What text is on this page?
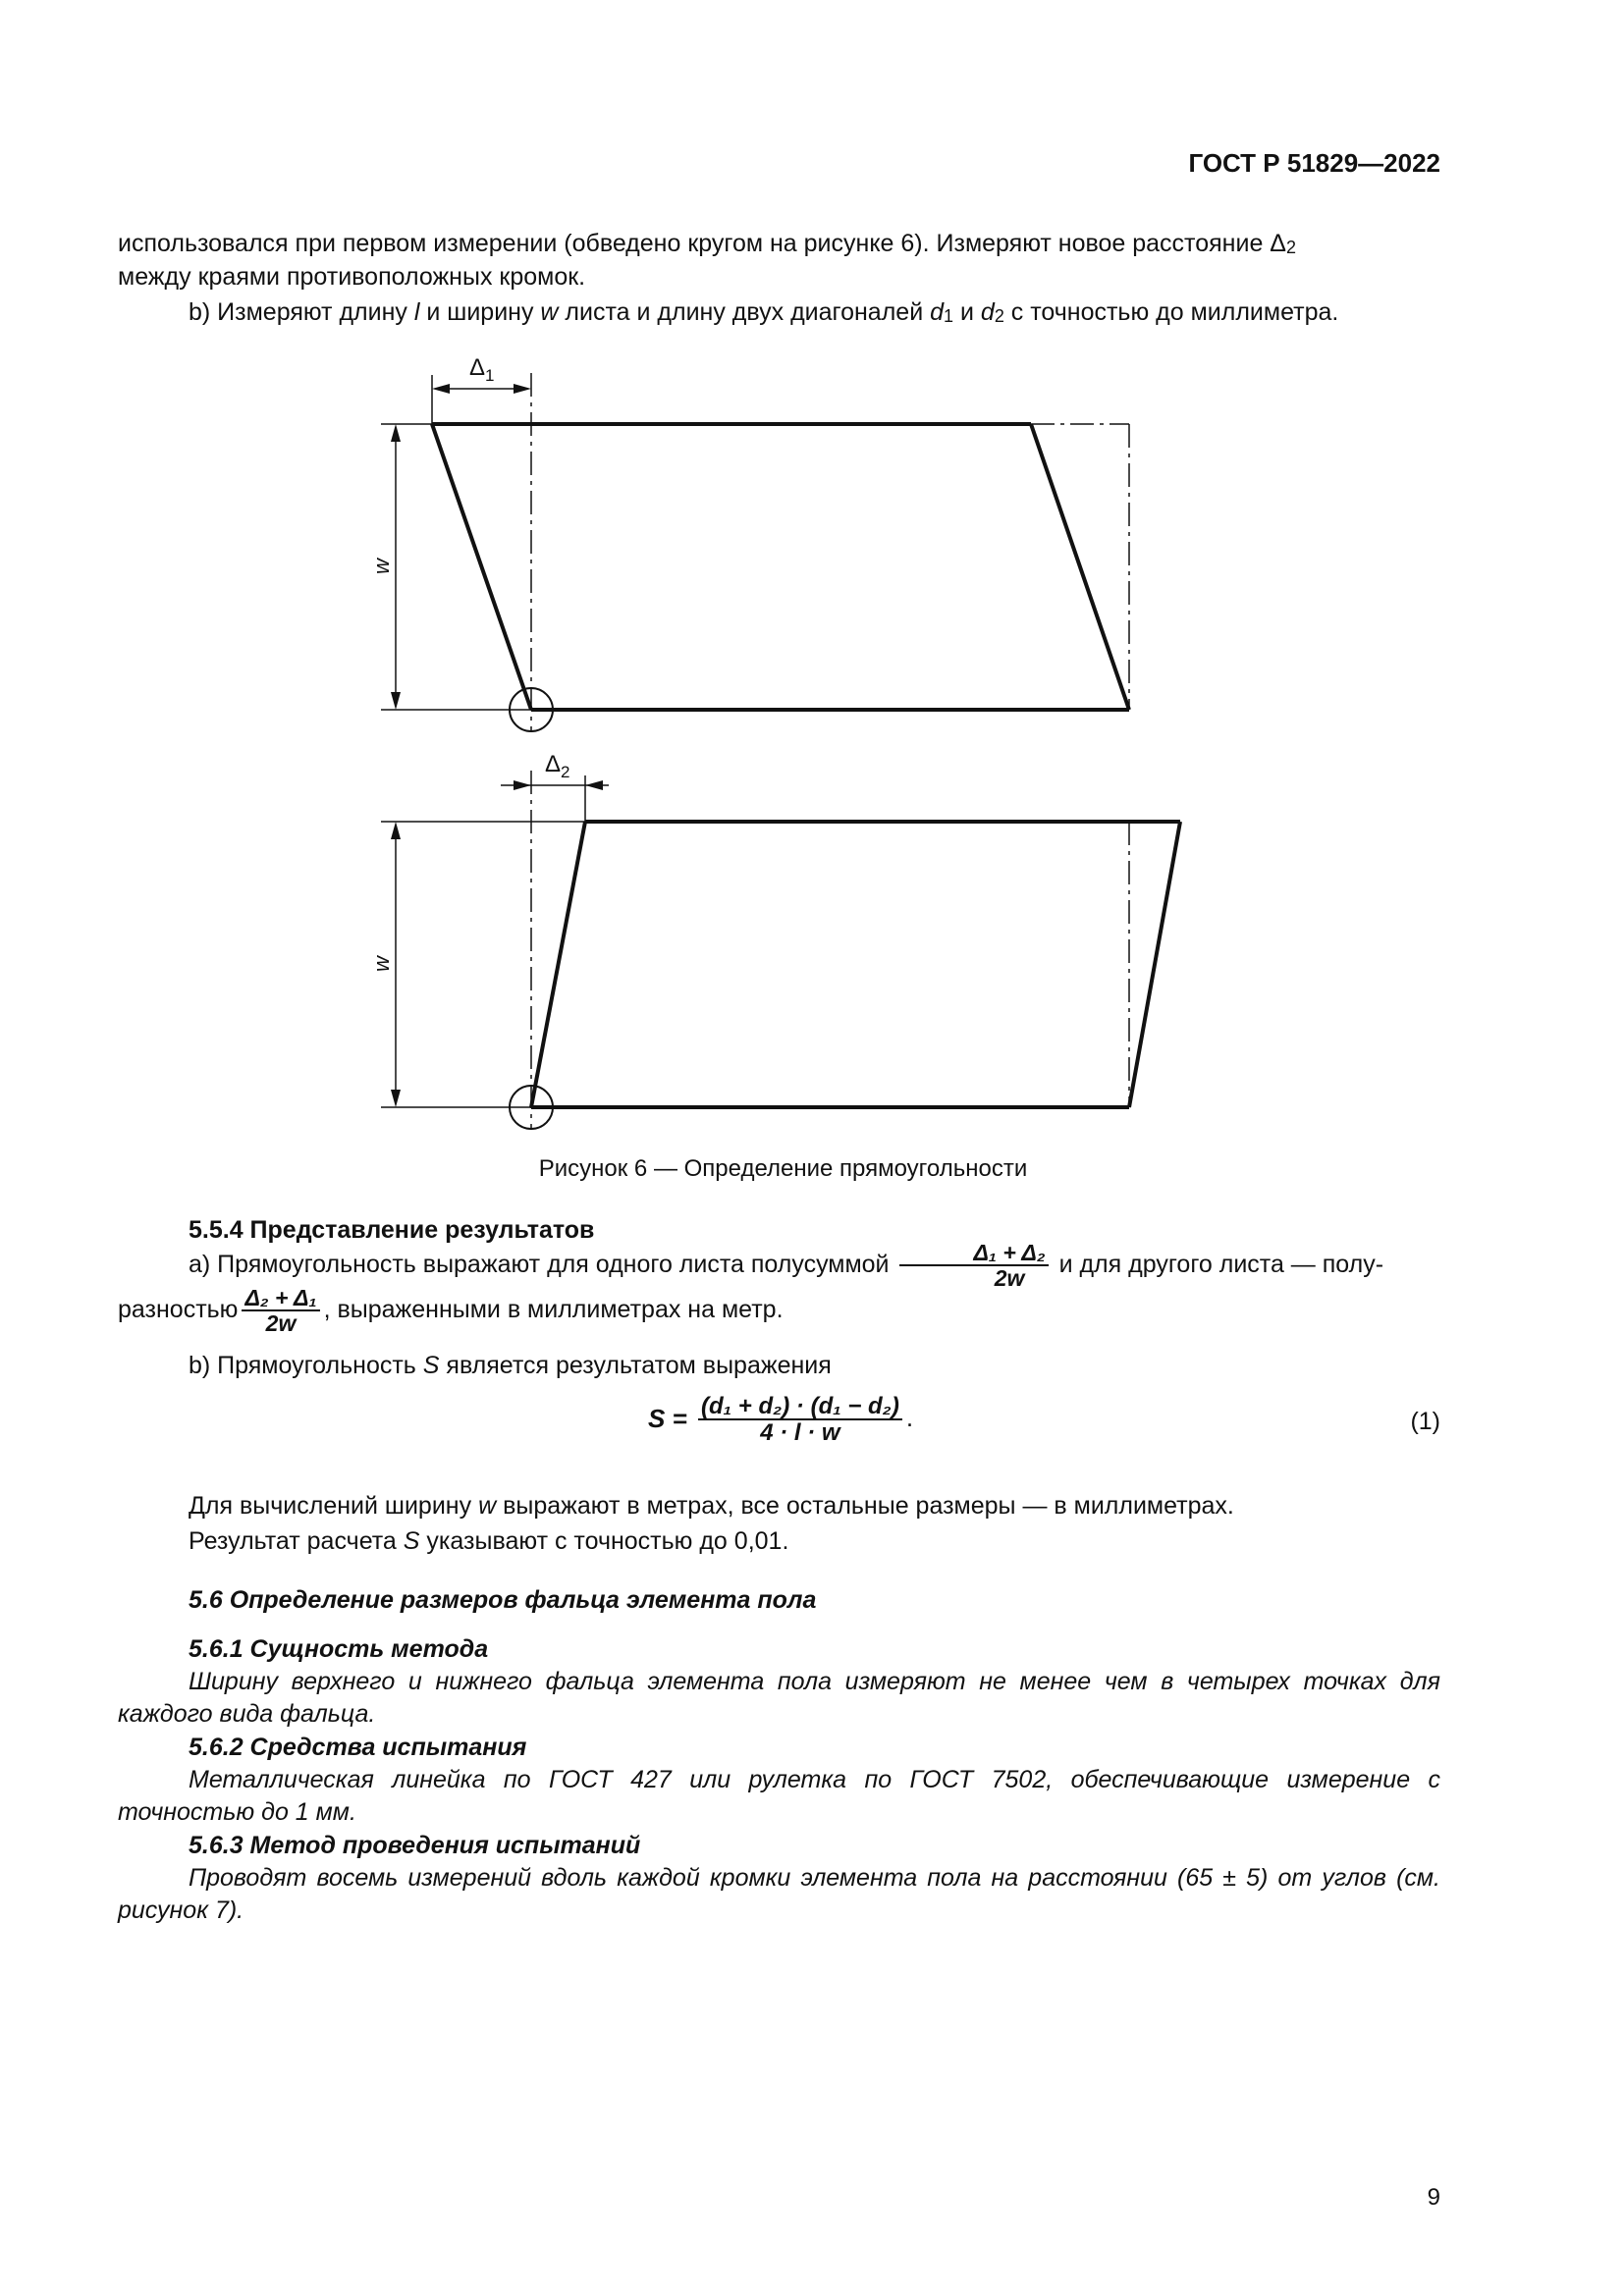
ГОСТ Р 51829—2022
использовался при первом измерении (обведено кругом на рисунке 6). Измеряют новое расстояние $\Delta_2$
между краями противоположных кромок.
b) Измеряют длину l и ширину w листа и длину двух диагоналей $d_1$ и $d_2$ с точностью до миллиметра.
$\Delta_1$
$\Delta_2$
w
w
Рисунок 6 — Определение прямоугольности
5.5.4 Представление результатов
a) Прямоугольность выражают для одного листа полусуммой $\frac{\text{Δ₁ + Δ₂}}{2w}$ и для другого листа — полу-
разностью $\frac{\text{Δ₂ + Δ₁}}{2w}$ , выраженными в миллиметрах на метр.
b) Прямоугольность S является результатом выражения
$S = \frac{\text{(d₁ + d₂) · (d₁ − d₂)}}{4 \cdot l \cdot w}$ .	(1)
Для вычислений ширину w выражают в метрах, все остальные размеры — в миллиметрах.
Результат расчета S указывают с точностью до 0,01.
5.6 Определение размеров фальца элемента пола
5.6.1 Сущность метода
Ширину верхнего и нижнего фальца элемента пола измеряют не менее чем в четырех точках для каждого вида фальца.
5.6.2 Средства испытания
Металлическая линейка по ГОСТ 427 или рулетка по ГОСТ 7502, обеспечивающие измерение с точностью до 1 мм.
5.6.3 Метод проведения испытаний
Проводят восемь измерений вдоль каждой кромки элемента пола на расстоянии (65 ± 5) от углов (см. рисунок 7).
9
